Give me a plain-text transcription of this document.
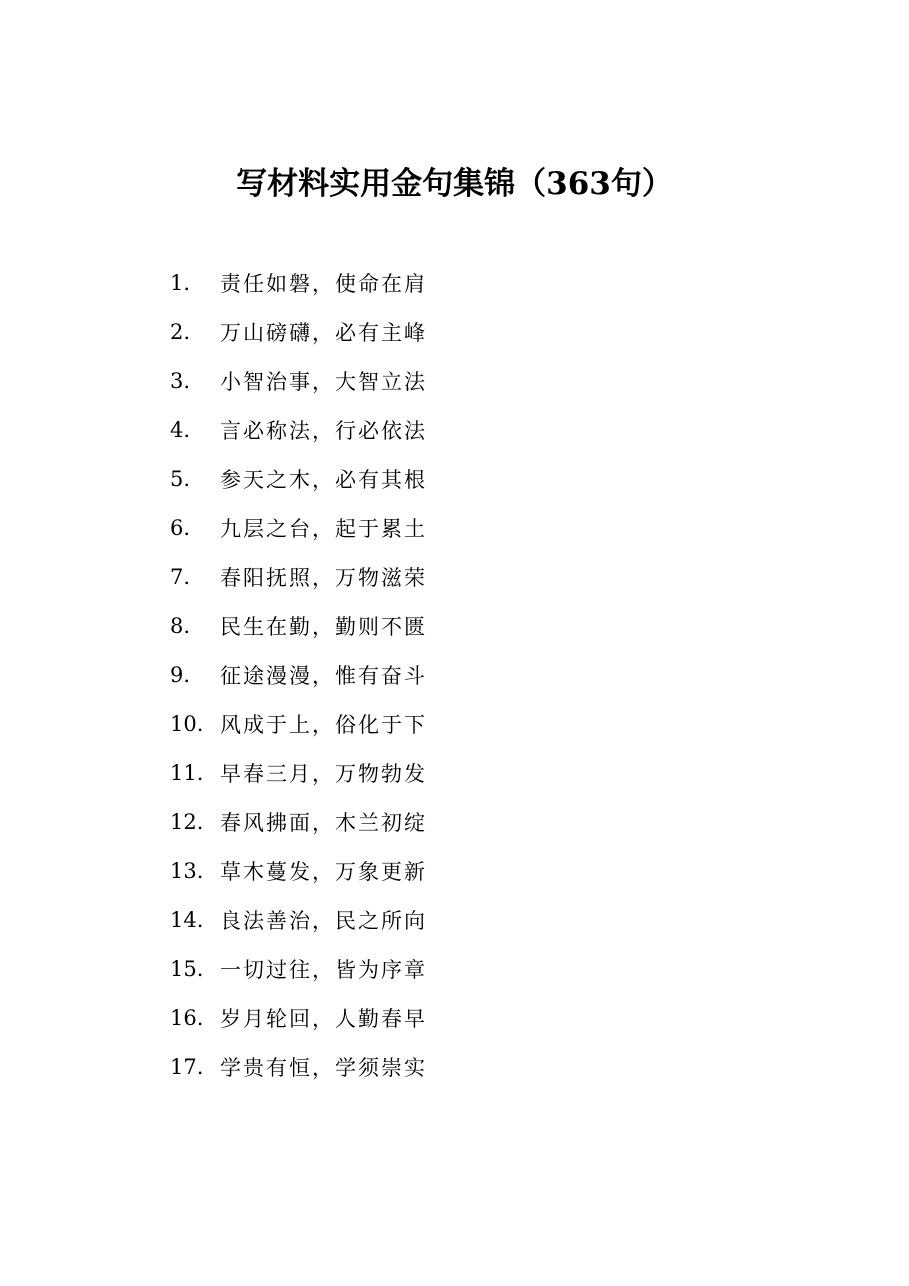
写材料实用金句集锦（363句）
1.	责任如磐，使命在肩
2.	万山磅礴，必有主峰
3.	小智治事，大智立法
4.	言必称法，行必依法
5.	参天之木，必有其根
6.	九层之台，起于累土
7.	春阳抚照，万物滋荣
8.	民生在勤，勤则不匮
9.	征途漫漫，惟有奋斗
10. 风成于上，俗化于下
11. 早春三月，万物勃发
12. 春风拂面，木兰初绽
13. 草木蔓发，万象更新
14. 良法善治，民之所向
15. 一切过往，皆为序章
16. 岁月轮回，人勤春早
17. 学贵有恒，学须崇实
